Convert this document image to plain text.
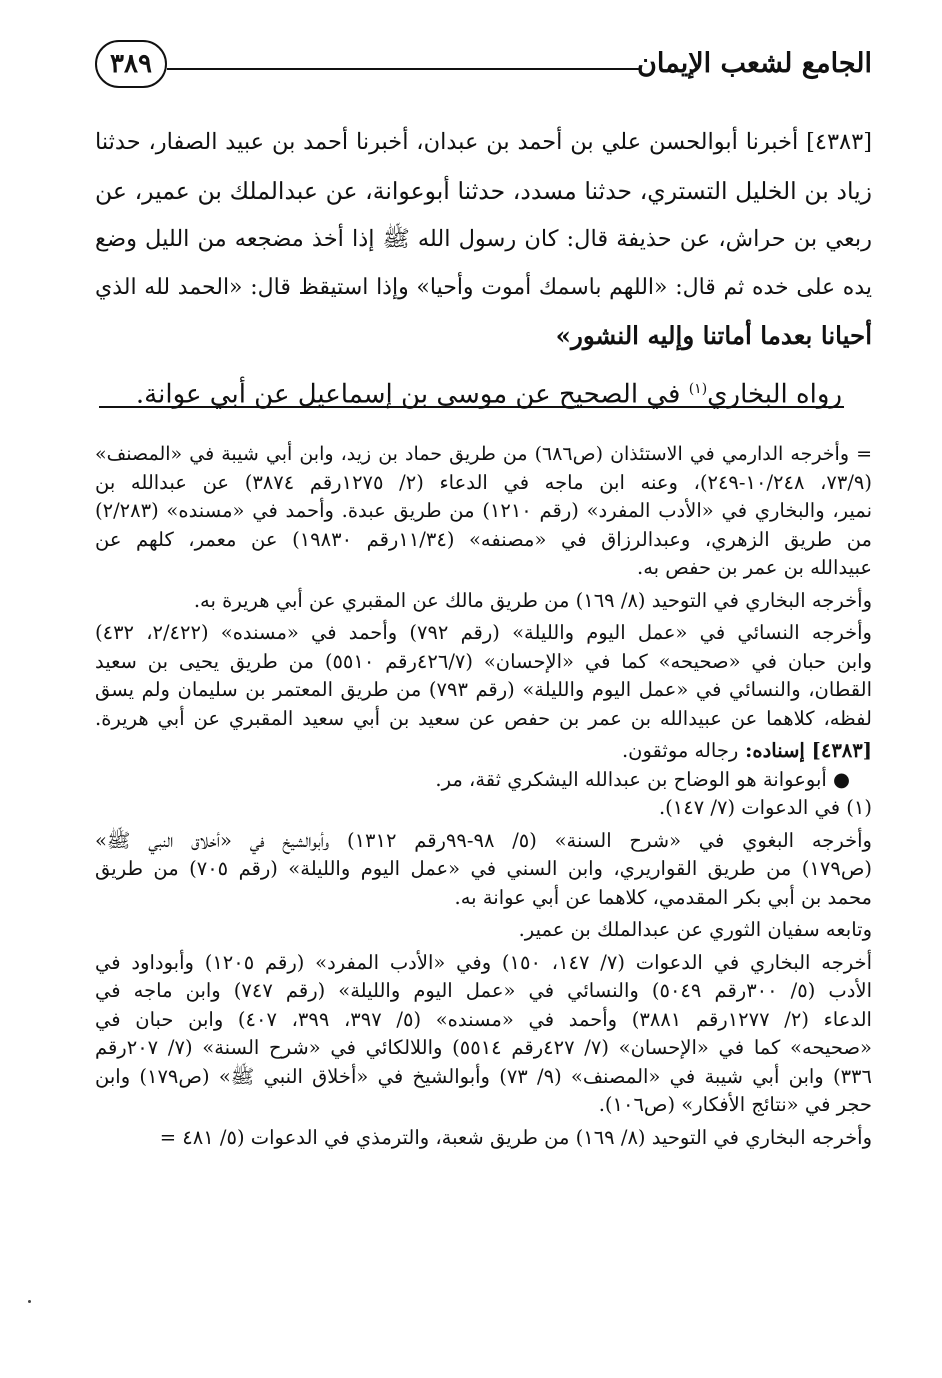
الجامع لشعب الإيمان
٣٨٩
[٤٣٨٣] أخبرنا أبوالحسن علي بن أحمد بن عبدان، أخبرنا أحمد بن عبيد الصفار، حدثنا
زياد بن الخليل التستري، حدثنا مسدد، حدثنا أبوعوانة، عن عبدالملك بن عمير، عن
ربعي بن حراش، عن حذيفة قال: كان رسول الله ﷺ إذا أخذ مضجعه من الليل وضع
يده على خده ثم قال: «اللهم باسمك أموت وأحيا» وإذا استيقظ قال: «الحمد لله الذي
أحيانا بعدما أماتنا وإليه النشور»
رواه البخاري$^{(١)}$ في الصحيح عن موسى بن إسماعيل عن أبي عوانة.
= وأخرجه الدارمي في الاستئذان (ص٦٨٦) من طريق حماد بن زيد، وابن أبي شيبة في «المصنف»
(٧٣/٩، ١٠/٢٤٨-٢٤٩)، وعنه ابن ماجه في الدعاء (٢/ ١٢٧٥رقم ٣٨٧٤) عن عبدالله بن
نمير، والبخاري في «الأدب المفرد» (رقم ١٢١٠) من طريق عبدة. وأحمد في «مسنده» (٢/٢٨٣)
من طريق الزهري، وعبدالرزاق في «مصنفه» (١١/٣٤رقم ١٩٨٣٠) عن معمر، كلهم عن
عبيدالله بن عمر بن حفص به.
وأخرجه البخاري في التوحيد (٨/ ١٦٩) من طريق مالك عن المقبري عن أبي هريرة به.
وأخرجه النسائي في «عمل اليوم والليلة» (رقم ٧٩٢) وأحمد في «مسنده» (٢/٤٢٢، ٤٣٢)
وابن حبان في «صحيحه» كما في «الإحسان» (٤٢٦/٧رقم ٥٥١٠) من طريق يحيى بن سعيد
القطان، والنسائي في «عمل اليوم والليلة» (رقم ٧٩٣) من طريق المعتمر بن سليمان ولم يسق
لفظه، كلاهما عن عبيدالله بن عمر بن حفص عن سعيد بن أبي سعيد المقبري عن أبي هريرة.
[٤٣٨٣] إسناده: رجاله موثقون.
● أبوعوانة هو الوضاح بن عبدالله اليشكري ثقة، مر.
(١) في الدعوات (٧/ ١٤٧).
وأخرجه البغوي في «شرح السنة» (٥/ ٩٨-٩٩رقم ١٣١٢) وأبوالشيخ في «أخلاق النبي ﷺ»
(ص١٧٩) من طريق القواريري، وابن السني في «عمل اليوم والليلة» (رقم ٧٠٥) من طريق
محمد بن أبي بكر المقدمي، كلاهما عن أبي عوانة به.
وتابعه سفيان الثوري عن عبدالملك بن عمير.
أخرجه البخاري في الدعوات (٧/ ١٤٧، ١٥٠) وفي «الأدب المفرد» (رقم ١٢٠٥) وأبوداود في
الأدب (٥/ ٣٠٠رقم ٥٠٤٩) والنسائي في «عمل اليوم والليلة» (رقم ٧٤٧) وابن ماجه في
الدعاء (٢/ ١٢٧٧رقم ٣٨٨١) وأحمد في «مسنده» (٥/ ٣٩٧، ٣٩٩، ٤٠٧) وابن حبان في
«صحيحه» كما في «الإحسان» (٧/ ٤٢٧رقم ٥٥١٤) واللالكائي في «شرح السنة» (٧/ ٢٠٧رقم
٣٣٦) وابن أبي شيبة في «المصنف» (٩/ ٧٣) وأبوالشيخ في «أخلاق النبي ﷺ» (ص١٧٩) وابن
حجر في «نتائج الأفكار» (ص١٠٦).
وأخرجه البخاري في التوحيد (٨/ ١٦٩) من طريق شعبة، والترمذي في الدعوات (٥/ ٤٨١ =
